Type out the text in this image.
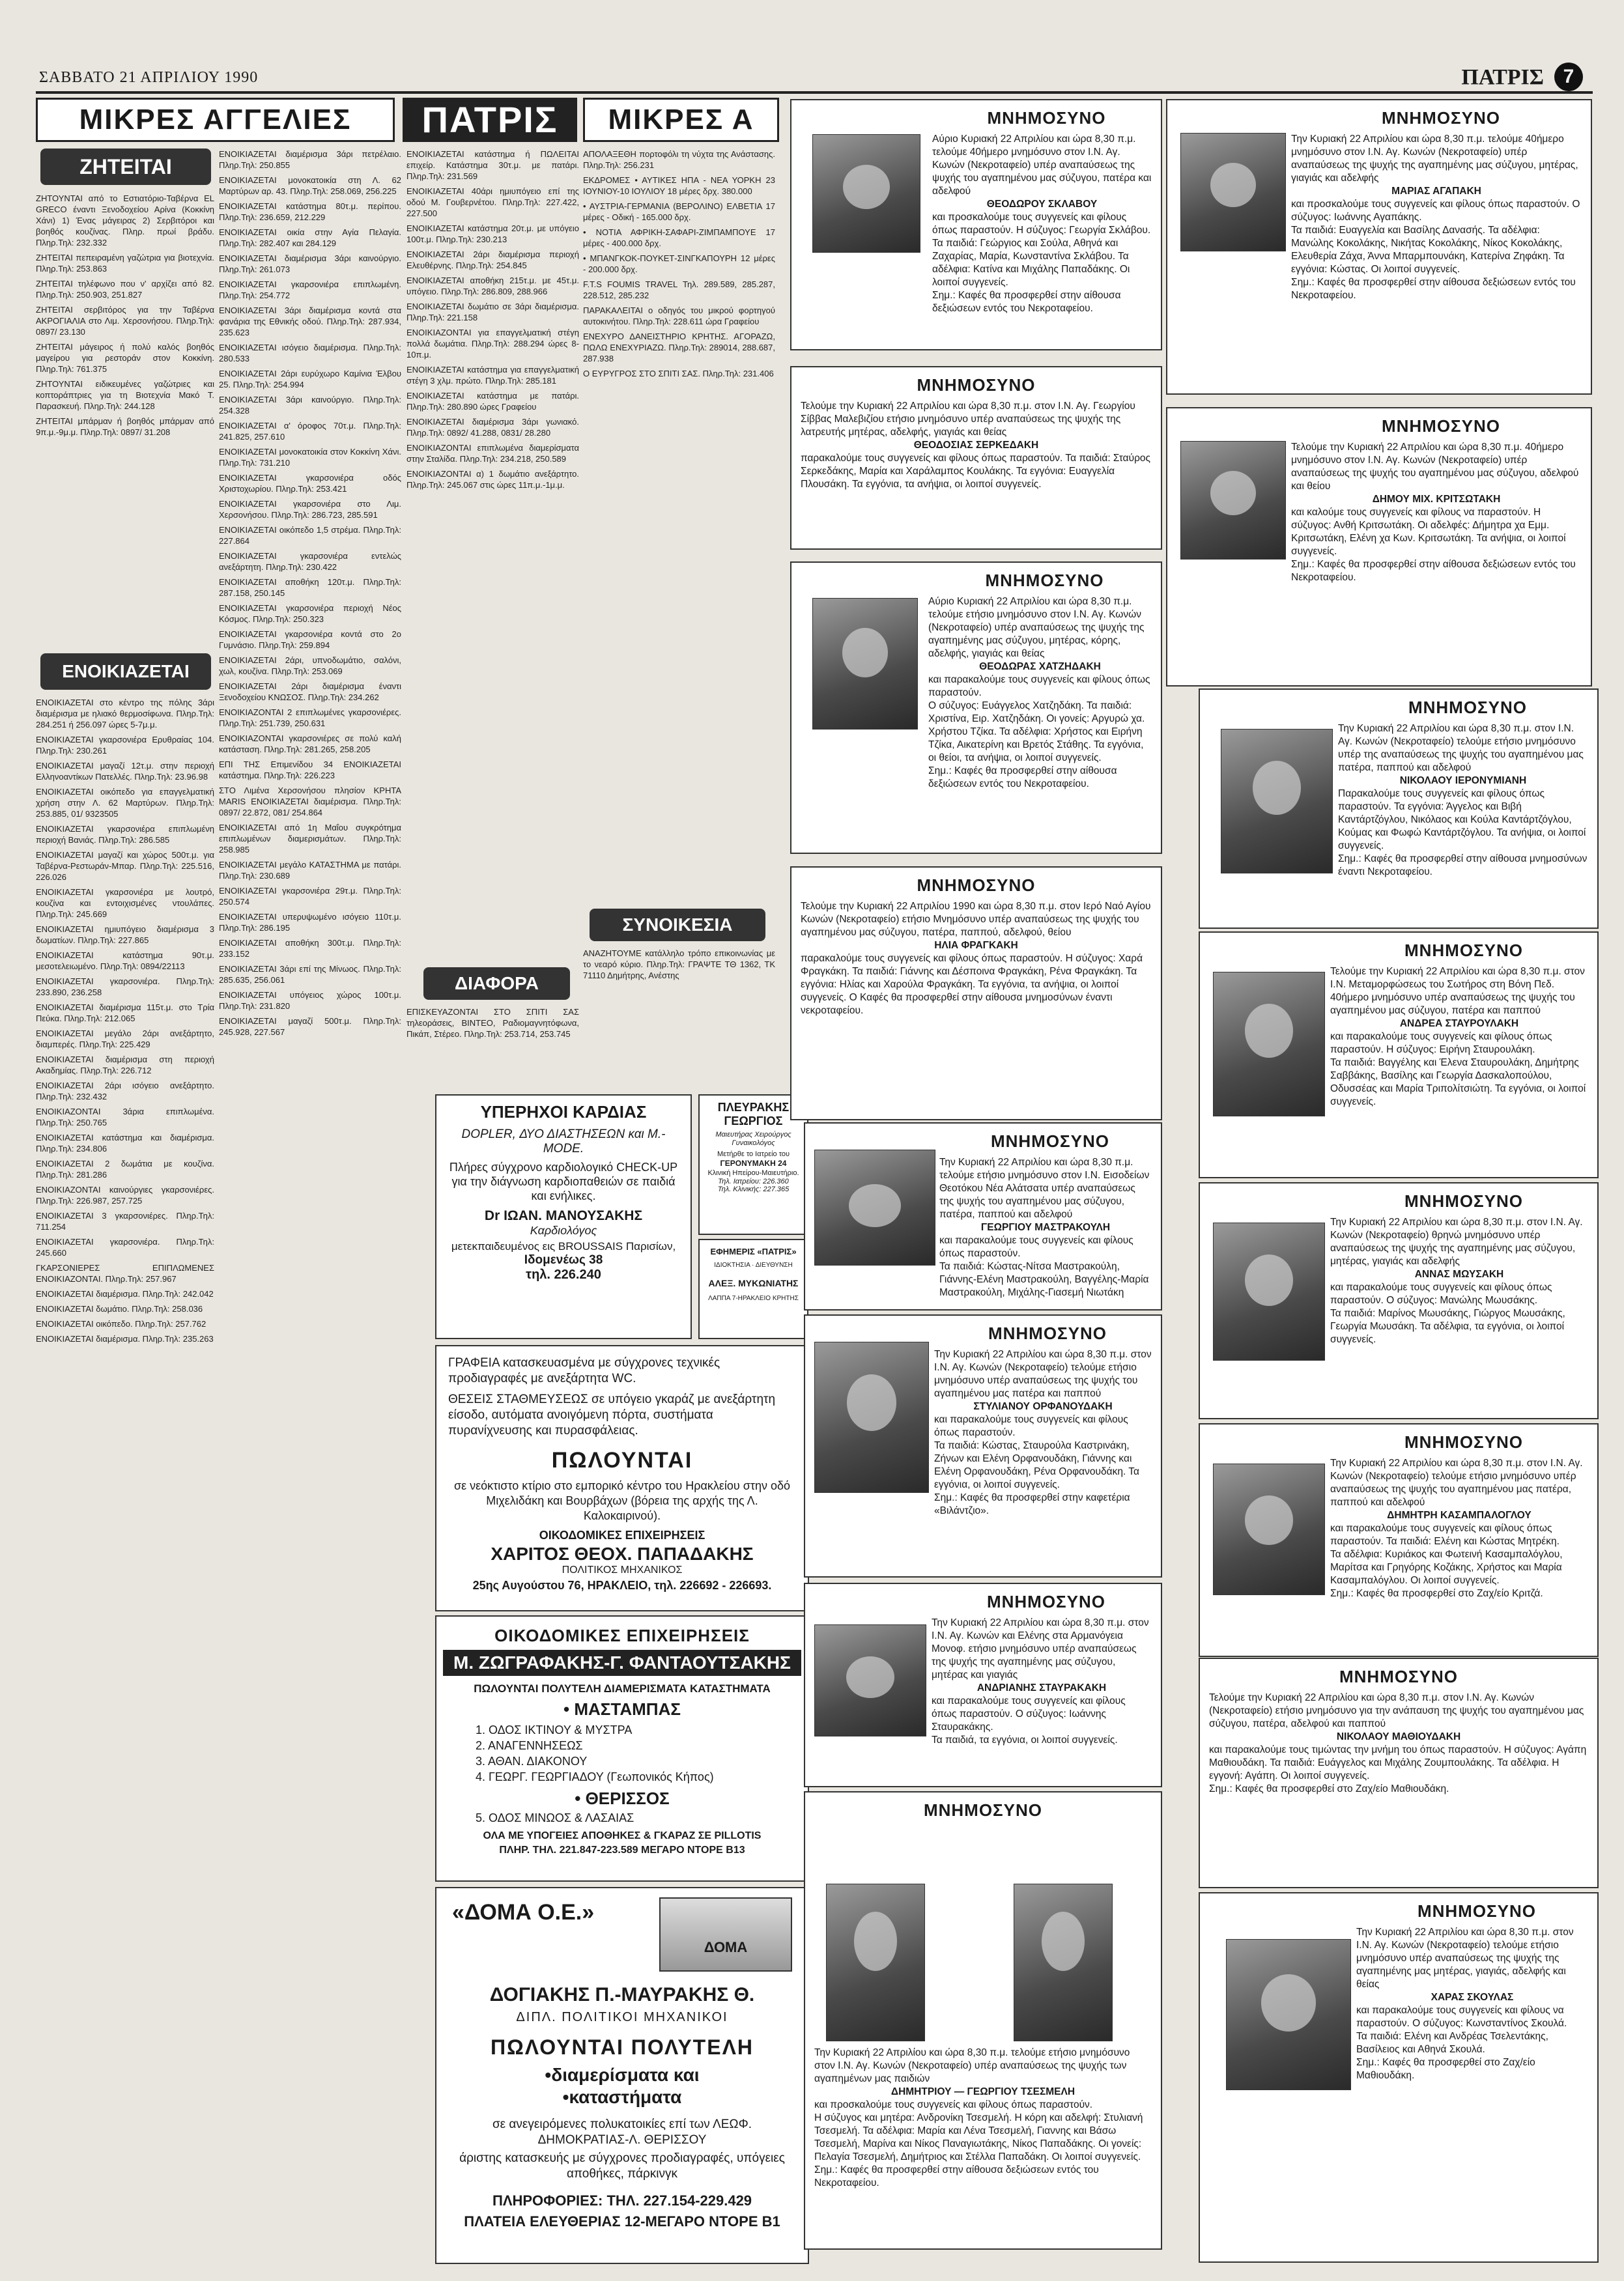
ΣΑΒΒΑΤΟ 21 ΑΠΡΙΛΙΟΥ 1990	ΠΑΤΡΙΣ 7
ΜΙΚΡΕΣ ΑΓΓΕΛΙΕΣ	ΠΑΤΡΙΣ	ΜΙΚΡΕΣ Α
ΖΗΤΕΙΤΑΙ

ΖΗΤΟΥΝΤΑΙ από το Εστιατόριο-Ταβέρνα EL GRECO έναντι Ξενοδοχείου Αρίνα (Κοκκίνη Χάνι) 1) Ένας μάγειρας 2) Σερβιτόροι και βοηθός κουζίνας. Πληρ. πρωί βράδυ. Πληρ.Τηλ: 232.332

ΖΗΤΕΙΤΑΙ πεπειραμένη γαζώτρια για βιοτεχνία. Πληρ.Τηλ: 253.863

ΖΗΤΕΙΤΑΙ τηλέφωνο που ν' αρχίζει από 82. Πληρ.Τηλ: 250.903, 251.827

ΖΗΤΕΙΤΑΙ σερβιτόρος για την Ταβέρνα ΑΚΡΟΓΙΑΛΙΑ στο Λιμ. Χερσονήσου. Πληρ.Τηλ: 0897/ 23.130

ΖΗΤΕΙΤΑΙ μάγειρος ή πολύ καλός βοηθός μαγείρου για ρεστοράν στον Κοκκίνη. Πληρ.Τηλ: 761.375

ΖΗΤΟΥΝΤΑΙ ειδικευμένες γαζώτριες και κοπτοράπτριες για τη Βιοτεχνία Μακό Τ. Παρασκευή. Πληρ.Τηλ: 244.128

ΖΗΤΕΙΤΑΙ μπάρμαν ή βοηθός μπάρμαν από 9π.μ.-9μ.μ. Πληρ.Τηλ: 0897/ 31.208

ΕΝΟΙΚΙΑΖΕΤΑΙ

ΕΝΟΙΚΙΑΖΕΤΑΙ στο κέντρο της πόλης 3άρι διαμέρισμα με ηλιακό θερμοσίφωνα. Πληρ.Τηλ: 284.251 ή 256.097 ώρες 5-7μ.μ.

ΕΝΟΙΚΙΑΖΕΤΑΙ γκαρσονιέρα Ερυθραίας 104. Πληρ.Τηλ: 230.261

ΕΝΟΙΚΙΑΖΕΤΑΙ μαγαζί 12τ.μ. στην περιοχή Ελληνοαντίκων Πατελλές. Πληρ.Τηλ: 23.96.98

ΕΝΟΙΚΙΑΖΕΤΑΙ οικόπεδο για επαγγελματική χρήση στην Λ. 62 Μαρτύρων. Πληρ.Τηλ: 253.885, 01/ 9323505

ΕΝΟΙΚΙΑΖΕΤΑΙ γκαρσονιέρα επιπλωμένη περιοχή Βανιάς. Πληρ.Τηλ: 286.585

ΕΝΟΙΚΙΑΖΕΤΑΙ μαγαζί και χώρος 500τ.μ. για Ταβέρνα-Ρεστωράν-Μπαρ. Πληρ.Τηλ: 225.516, 226.026

ΕΝΟΙΚΙΑΖΕΤΑΙ γκαρσονιέρα με λουτρό, κουζίνα και εντοιχισμένες ντουλάπες. Πληρ.Τηλ: 245.669

ΕΝΟΙΚΙΑΖΕΤΑΙ ημιυπόγειο διαμέρισμα 3 δωματίων. Πληρ.Τηλ: 227.865

ΕΝΟΙΚΙΑΖΕΤΑΙ κατάστημα 90τ.μ. μεσοτελειωμένο. Πληρ.Τηλ: 0894/22113

ΕΝΟΙΚΙΑΖΕΤΑΙ γκαρσονιέρα. Πληρ.Τηλ: 233.890, 236.258

ΕΝΟΙΚΙΑΖΕΤΑΙ διαμέρισμα 115τ.μ. στο Τρία Πεύκα. Πληρ.Τηλ: 212.065

ΕΝΟΙΚΙΑΖΕΤΑΙ μεγάλο 2άρι ανεξάρτητο, διαμπερές. Πληρ.Τηλ: 225.429

ΕΝΟΙΚΙΑΖΕΤΑΙ διαμέρισμα στη περιοχή Ακαδημίας. Πληρ.Τηλ: 226.712

ΕΝΟΙΚΙΑΖΕΤΑΙ 2άρι ισόγειο ανεξάρτητο. Πληρ.Τηλ: 232.432

ΕΝΟΙΚΙΑΖΟΝΤΑΙ 3άρια επιπλωμένα. Πληρ.Τηλ: 250.765

ΕΝΟΙΚΙΑΖΕΤΑΙ κατάστημα και διαμέρισμα. Πληρ.Τηλ: 234.806

ΕΝΟΙΚΙΑΖΕΤΑΙ 2 δωμάτια με κουζίνα. Πληρ.Τηλ: 281.286

ΕΝΟΙΚΙΑΖΟΝΤΑΙ καινούργιες γκαρσονιέρες. Πληρ.Τηλ: 226.987, 257.725

ΕΝΟΙΚΙΑΖΕΤΑΙ 3 γκαρσονιέρες. Πληρ.Τηλ: 711.254

ΕΝΟΙΚΙΑΖΕΤΑΙ γκαρσονιέρα. Πληρ.Τηλ: 245.660

ΓΚΑΡΣΟΝΙΕΡΕΣ ΕΠΙΠΛΩΜΕΝΕΣ ΕΝΟΙΚΙΑΖΟΝΤΑΙ. Πληρ.Τηλ: 257.967

ΕΝΟΙΚΙΑΖΕΤΑΙ διαμέρισμα. Πληρ.Τηλ: 242.042

ΕΝΟΙΚΙΑΖΕΤΑΙ δωμάτιο. Πληρ.Τηλ: 258.036

ΕΝΟΙΚΙΑΖΕΤΑΙ οικόπεδο. Πληρ.Τηλ: 257.762

ΕΝΟΙΚΙΑΖΕΤΑΙ διαμέρισμα. Πληρ.Τηλ: 235.263

ΕΝΟΙΚΙΑΖΕΤΑΙ διαμέρισμα 3άρι πετρέλαιο. Πληρ.Τηλ: 250.855

ΕΝΟΙΚΙΑΖΕΤΑΙ μονοκατοικία στη Λ. 62 Μαρτύρων αρ. 43. Πληρ.Τηλ: 258.069, 256.225

ΕΝΟΙΚΙΑΖΕΤΑΙ κατάστημα 80τ.μ. περίπου. Πληρ.Τηλ: 236.659, 212.229

ΕΝΟΙΚΙΑΖΕΤΑΙ οικία στην Αγία Πελαγία. Πληρ.Τηλ: 282.407 και 284.129

ΕΝΟΙΚΙΑΖΕΤΑΙ διαμέρισμα 3άρι καινούργιο. Πληρ.Τηλ: 261.073

ΕΝΟΙΚΙΑΖΕΤΑΙ γκαρσονιέρα επιπλωμένη. Πληρ.Τηλ: 254.772

ΕΝΟΙΚΙΑΖΕΤΑΙ 3άρι διαμέρισμα κοντά στα φανάρια της Εθνικής οδού. Πληρ.Τηλ: 287.934, 235.623

ΕΝΟΙΚΙΑΖΕΤΑΙ ισόγειο διαμέρισμα. Πληρ.Τηλ: 280.533

ΕΝΟΙΚΙΑΖΕΤΑΙ 2άρι ευρύχωρο Καμίνια Έλβου 25. Πληρ.Τηλ: 254.994

ΕΝΟΙΚΙΑΖΕΤΑΙ 3άρι καινούργιο. Πληρ.Τηλ: 254.328

ΕΝΟΙΚΙΑΖΕΤΑΙ α' όροφος 70τ.μ. Πληρ.Τηλ: 241.825, 257.610

ΕΝΟΙΚΙΑΖΕΤΑΙ μονοκατοικία στον Κοκκίνη Χάνι. Πληρ.Τηλ: 731.210

ΕΝΟΙΚΙΑΖΕΤΑΙ γκαρσονιέρα οδός Χριστοχωρίου. Πληρ.Τηλ: 253.421

ΕΝΟΙΚΙΑΖΕΤΑΙ γκαρσονιέρα στο Λιμ. Χερσονήσου. Πληρ.Τηλ: 286.723, 285.591

ΕΝΟΙΚΙΑΖΕΤΑΙ οικόπεδο 1,5 στρέμα. Πληρ.Τηλ: 227.864

ΕΝΟΙΚΙΑΖΕΤΑΙ γκαρσονιέρα εντελώς ανεξάρτητη. Πληρ.Τηλ: 230.422

ΕΝΟΙΚΙΑΖΕΤΑΙ αποθήκη 120τ.μ. Πληρ.Τηλ: 287.158, 250.145

ΕΝΟΙΚΙΑΖΕΤΑΙ γκαρσονιέρα περιοχή Νέος Κόσμος. Πληρ.Τηλ: 250.323

ΕΝΟΙΚΙΑΖΕΤΑΙ γκαρσονιέρα κοντά στο 2ο Γυμνάσιο. Πληρ.Τηλ: 259.894

ΕΝΟΙΚΙΑΖΕΤΑΙ 2άρι, υπνοδωμάτιο, σαλόνι, χωλ, κουζίνα. Πληρ.Τηλ: 253.069

ΕΝΟΙΚΙΑΖΕΤΑΙ 2άρι διαμέρισμα έναντι Ξενοδοχείου ΚΝΩΣΟΣ. Πληρ.Τηλ: 234.262

ΕΝΟΙΚΙΑΖΟΝΤΑΙ 2 επιπλωμένες γκαρσονιέρες. Πληρ.Τηλ: 251.739, 250.631

ΕΝΟΙΚΙΑΖΟΝΤΑΙ γκαρσονιέρες σε πολύ καλή κατάσταση. Πληρ.Τηλ: 281.265, 258.205

ΕΠΙ ΤΗΣ Επιμενίδου 34 ΕΝΟΙΚΙΑΖΕΤΑΙ κατάστημα. Πληρ.Τηλ: 226.223

ΣΤΟ Λιμένα Χερσονήσου πλησίον ΚΡΗΤΑ MARIS ΕΝΟΙΚΙΑΖΕΤΑΙ διαμέρισμα. Πληρ.Τηλ: 0897/ 22.872, 081/ 254.864

ΕΝΟΙΚΙΑΖΕΤΑΙ από 1η Μαΐου συγκρότημα επιπλωμένων διαμερισμάτων. Πληρ.Τηλ: 258.985

ΕΝΟΙΚΙΑΖΕΤΑΙ μεγάλο ΚΑΤΑΣΤΗΜΑ με πατάρι. Πληρ.Τηλ: 230.689

ΕΝΟΙΚΙΑΖΕΤΑΙ γκαρσονιέρα 29τ.μ. Πληρ.Τηλ: 250.574

ΕΝΟΙΚΙΑΖΕΤΑΙ υπερυψωμένο ισόγειο 110τ.μ. Πληρ.Τηλ: 286.195

ΕΝΟΙΚΙΑΖΕΤΑΙ αποθήκη 300τ.μ. Πληρ.Τηλ: 233.152

ΕΝΟΙΚΙΑΖΕΤΑΙ 3άρι επί της Μίνωος. Πληρ.Τηλ: 285.635, 256.061

ΕΝΟΙΚΙΑΖΕΤΑΙ υπόγειος χώρος 100τ.μ. Πληρ.Τηλ: 231.820

ΕΝΟΙΚΙΑΖΕΤΑΙ μαγαζί 500τ.μ. Πληρ.Τηλ: 245.928, 227.567

ΕΝΟΙΚΙΑΖΕΤΑΙ κατάστημα ή ΠΩΛΕΙΤΑΙ επιχείρ. Κατάστημα 30τ.μ. με πατάρι. Πληρ.Τηλ: 231.569

ΕΝΟΙΚΙΑΖΕΤΑΙ 40άρι ημιυπόγειο επί της οδού Μ. Γουβερνέτου. Πληρ.Τηλ: 227.422, 227.500

ΕΝΟΙΚΙΑΖΕΤΑΙ κατάστημα 20τ.μ. με υπόγειο 100τ.μ. Πληρ.Τηλ: 230.213

ΕΝΟΙΚΙΑΖΕΤΑΙ 2άρι διαμέρισμα περιοχή Ελευθέρνης. Πληρ.Τηλ: 254.845

ΕΝΟΙΚΙΑΖΕΤΑΙ αποθήκη 215τ.μ. με 45τ.μ. υπόγειο. Πληρ.Τηλ: 286.809, 288.966

ΕΝΟΙΚΙΑΖΕΤΑΙ δωμάτιο σε 3άρι διαμέρισμα. Πληρ.Τηλ: 221.158

ΕΝΟΙΚΙΑΖΟΝΤΑΙ για επαγγελματική στέγη πολλά δωμάτια. Πληρ.Τηλ: 288.294 ώρες 8-10π.μ.

ΕΝΟΙΚΙΑΖΕΤΑΙ κατάστημα για επαγγελματική στέγη 3 χλμ. πρώτο. Πληρ.Τηλ: 285.181

ΕΝΟΙΚΙΑΖΕΤΑΙ κατάστημα με πατάρι. Πληρ.Τηλ: 280.890 ώρες Γραφείου

ΕΝΟΙΚΙΑΖΕΤΑΙ διαμέρισμα 3άρι γωνιακό. Πληρ.Τηλ: 0892/ 41.288, 0831/ 28.280

ΕΝΟΙΚΙΑΖΟΝΤΑΙ επιπλωμένα διαμερίσματα στην Σταλίδα. Πληρ.Τηλ: 234.218, 250.589

ΕΝΟΙΚΙΑΖΟΝΤΑΙ α) 1 δωμάτιο ανεξάρτητο. Πληρ.Τηλ: 245.067 στις ώρες 11π.μ.-1μ.μ.

ΔΙΑΦΟΡΑ

ΕΠΙΣΚΕΥΑΖΟΝΤΑΙ ΣΤΟ ΣΠΙΤΙ ΣΑΣ τηλεοράσεις, ΒΙΝΤΕΟ, Ραδιομαγνητόφωνα, Πικάπ, Στέρεο. Πληρ.Τηλ: 253.714, 253.745

ΑΠΟΛΑΞΕΘΗ πορτοφόλι τη νύχτα της Ανάστασης. Πληρ.Τηλ: 256.231

ΕΚΔΡΟΜΕΣ • ΑΥΤΙΚΕΣ ΗΠΑ - ΝΕΑ ΥΟΡΚΗ 23 ΙΟΥΝΙΟΥ-10 ΙΟΥΛΙΟΥ 18 μέρες δρχ. 380.000

• ΑΥΣΤΡΙΑ-ΓΕΡΜΑΝΙΑ (ΒΕΡΟΛΙΝΟ) ΕΛΒΕΤΙΑ 17 μέρες - Οδική - 165.000 δρχ.

• ΝΟΤΙΑ ΑΦΡΙΚΗ-ΣΑΦΑΡΙ-ΖΙΜΠΑΜΠΟΥΕ 17 μέρες - 400.000 δρχ.

• ΜΠΑΝΓΚΟΚ-ΠΟΥΚΕΤ-ΣΙΝΓΚΑΠΟΥΡΗ 12 μέρες - 200.000 δρχ.

F.T.S FOUMIS TRAVEL Τηλ. 289.589, 285.287, 228.512, 285.232

ΠΑΡΑΚΑΛΕΙΤΑΙ ο οδηγός του μικρού φορτηγού αυτοκινήτου. Πληρ.Τηλ: 228.611 ώρα Γραφείου

ΕΝΕΧΥΡΟ ΔΑΝΕΙΣΤΗΡΙΟ ΚΡΗΤΗΣ. ΑΓΟΡΑΖΩ, ΠΩΛΩ ΕΝΕΧΥΡΙΑΖΩ. Πληρ.Τηλ: 289014, 288.687, 287.938

Ο ΕΥΡΥΓΡΟΣ ΣΤΟ ΣΠΙΤΙ ΣΑΣ. Πληρ.Τηλ: 231.406

ΣΥΝΟΙΚΕΣΙΑ

ΑΝΑΖΗΤΟΥΜΕ κατάλληλο τρόπο επικοινωνίας με το νεαρό κύριο. Πληρ.Τηλ: ΓΡΑΨΤΕ ΤΘ 1362, ΤΚ 71110 Δημήτρης, Ανέστης

ΥΠΕΡΗΧΟΙ ΚΑΡΔΙΑΣ
DOPLER, ΔΥΟ ΔΙΑΣΤΗΣΕΩΝ και M.-MODE.
Πλήρες σύγχρονο καρδιολογικό CHECK-UP για την διάγνωση καρδιοπαθειών σε παιδιά και ενήλικες.
Dr ΙΩΑΝ. ΜΑΝΟΥΣΑΚΗΣ
Καρδιολόγος
μετεκπαιδευμένος εις BROUSSAIS Παρισίων,
Ιδομενέως 38
τηλ. 226.240
ΠΛΕΥΡΑΚΗΣ ΓΕΩΡΓΙΟΣ
Μαιευτήρας Χειρούργος Γυναικολόγος
Μετήρθε το Ιατρείο του
ΓΕΡΟΝΥΜΑΚΗ 24
Κλινική Ηπείρου-Μαιευτήριο.
Τηλ. Ιατρείου: 226.360
Τηλ. Κλινικής: 227.365
ΕΦΗΜΕΡΙΣ «ΠΑΤΡΙΣ»
ΙΔΙΟΚΤΗΣΙΑ · ΔΙΕΥΘΥΝΣΗ
ΑΛΕΞ. ΜΥΚΩΝΙΑΤΗΣ
ΛΑΠΠΑ 7-ΗΡΑΚΛΕΙΟ ΚΡΗΤΗΣ
ΓΡΑΦΕΙΑ κατασκευασμένα με σύγχρονες τεχνικές προδιαγραφές με ανεξάρτητα WC.
ΘΕΣΕΙΣ ΣΤΑΘΜΕΥΣΕΩΣ σε υπόγειο γκαράζ με ανεξάρτητη είσοδο, αυτόματα ανοιγόμενη πόρτα, συστήματα πυρανίχνευσης και πυρασφάλειας.
ΠΩΛΟΥΝΤΑΙ
σε νεόκτιστο κτίριο στο εμπορικό κέντρο του Ηρακλείου στην οδό Μιχελιδάκη και Βουρβάχων (βόρεια της αρχής της Λ. Καλοκαιρινού).
ΟΙΚΟΔΟΜΙΚΕΣ ΕΠΙΧΕΙΡΗΣΕΙΣ
ΧΑΡΙΤΟΣ ΘΕΟΧ. ΠΑΠΑΔΑΚΗΣ
ΠΟΛΙΤΙΚΟΣ ΜΗΧΑΝΙΚΟΣ
25ης Αυγούστου 76, ΗΡΑΚΛΕΙΟ, τηλ. 226692 - 226693.
ΟΙΚΟΔΟΜΙΚΕΣ ΕΠΙΧΕΙΡΗΣΕΙΣ
Μ. ΖΩΓΡΑΦΑΚΗΣ-Γ. ΦΑΝΤΑΟΥΤΣΑΚΗΣ
ΠΩΛΟΥΝΤΑΙ ΠΟΛΥΤΕΛΗ ΔΙΑΜΕΡΙΣΜΑΤΑ ΚΑΤΑΣΤΗΜΑΤΑ
• ΜΑΣΤΑΜΠΑΣ
1. ΟΔΟΣ ΙΚΤΙΝΟΥ & ΜΥΣΤΡΑ
2. ΑΝΑΓΕΝΝΗΣΕΩΣ
3. ΑΘΑΝ. ΔΙΑΚΟΝΟΥ
4. ΓΕΩΡΓ. ΓΕΩΡΓΙΑΔΟΥ (Γεωπονικός Κήπος)
• ΘΕΡΙΣΣΟΣ
5. ΟΔΟΣ ΜΙΝΩΟΣ & ΛΑΣΑΙΑΣ
ΟΛΑ ΜΕ ΥΠΟΓΕΙΕΣ ΑΠΟΘΗΚΕΣ & ΓΚΑΡΑΖ ΣΕ PILLOTIS
ΠΛΗΡ. ΤΗΛ. 221.847-223.589 ΜΕΓΑΡΟ ΝΤΟΡΕ Β13
«ΔΟΜΑ Ο.Ε.»
ΔΟΜΑ
ΔΟΓΙΑΚΗΣ Π.-ΜΑΥΡΑΚΗΣ Θ.
ΔΙΠΛ. ΠΟΛΙΤΙΚΟΙ ΜΗΧΑΝΙΚΟΙ
ΠΩΛΟΥΝΤΑΙ ΠΟΛΥΤΕΛΗ
•διαμερίσματα και
•καταστήματα
σε ανεγειρόμενες πολυκατοικίες επί των ΛΕΩΦ. ΔΗΜΟΚΡΑΤΙΑΣ-Λ. ΘΕΡΙΣΣΟΥ
άριστης κατασκευής με σύγχρονες προδιαγραφές, υπόγειες αποθήκες, πάρκινγκ
ΠΛΗΡΟΦΟΡΙΕΣ: ΤΗΛ. 227.154-229.429
ΠΛΑΤΕΙΑ ΕΛΕΥΘΕΡΙΑΣ 12-ΜΕΓΑΡΟ ΝΤΟΡΕ Β1
ΜΝΗΜΟΣΥΝΟ

Αύριο Κυριακή 22 Απριλίου και ώρα 8,30 π.μ. τελούμε 40ήμερο μνημόσυνο στον Ι.Ν. Αγ. Κωνών (Νεκροταφείο) υπέρ αναπαύσεως της ψυχής του αγαπημένου μας σύζυγου, πατέρα και αδελφού

ΘΕΟΔΩΡΟΥ ΣΚΛΑΒΟΥ

και προσκαλούμε τους συγγενείς και φίλους όπως παραστούν. Η σύζυγος: Γεωργία Σκλάβου.

Τα παιδιά: Γεώργιος και Σούλα, Αθηνά και Ζαχαρίας, Μαρία, Κωνσταντίνα Σκλάβου. Τα αδέλφια: Κατίνα και Μιχάλης Παπαδάκης. Οι λοιποί συγγενείς.

Σημ.: Καφές θα προσφερθεί στην αίθουσα δεξιώσεων εντός του Νεκροταφείου.

ΜΝΗΜΟΣΥΝΟ

Τελούμε την Κυριακή 22 Απριλίου και ώρα 8,30 π.μ. στον Ι.Ν. Αγ. Γεωργίου Σίββας Μαλεβιζίου ετήσιο μνημόσυνο υπέρ αναπαύσεως της ψυχής της λατρευτής μητέρας, αδελφής, γιαγιάς και θείας

ΘΕΟΔΟΣΙΑΣ ΣΕΡΚΕΔΑΚΗ

παρακαλούμε τους συγγενείς και φίλους όπως παραστούν. Τα παιδιά: Σταύρος Σερκεδάκης, Μαρία και Χαράλαμπος Κουλάκης. Τα εγγόνια: Ευαγγελία Πλουσάκη. Τα εγγόνια, τα ανήψια, οι λοιποί συγγενείς.

ΜΝΗΜΟΣΥΝΟ

Αύριο Κυριακή 22 Απριλίου και ώρα 8,30 π.μ. τελούμε ετήσιο μνημόσυνο στον Ι.Ν. Αγ. Κωνών (Νεκροταφείο) υπέρ αναπαύσεως της ψυχής της αγαπημένης μας σύζυγου, μητέρας, κόρης, αδελφής, γιαγιάς και θείας

ΘΕΟΔΩΡΑΣ ΧΑΤΖΗΔΑΚΗ

και παρακαλούμε τους συγγενείς και φίλους όπως παραστούν.

Ο σύζυγος: Ευάγγελος Χατζηδάκη. Τα παιδιά: Χριστίνα, Ειρ. Χατζηδάκη. Οι γονείς: Αργυρώ χα. Χρήστου Τζίκα. Τα αδέλφια: Χρήστος και Ειρήνη Τζίκα, Αικατερίνη και Βρετός Στάθης. Τα εγγόνια, οι θείοι, τα ανήψια, οι λοιποί συγγενείς.

Σημ.: Καφές θα προσφερθεί στην αίθουσα δεξιώσεων εντός του Νεκροταφείου.

ΜΝΗΜΟΣΥΝΟ

Τελούμε την Κυριακή 22 Απριλίου 1990 και ώρα 8,30 π.μ. στον Ιερό Ναό Αγίου Κωνών (Νεκροταφείο) ετήσιο Μνημόσυνο υπέρ αναπαύσεως της ψυχής του αγαπημένου μας σύζυγου, πατέρα, παππού, αδελφού, θείου

ΗΛΙΑ ΦΡΑΓΚΑΚΗ

παρακαλούμε τους συγγενείς και φίλους όπως παραστούν. Η σύζυγος: Χαρά Φραγκάκη. Τα παιδιά: Γιάννης και Δέσποινα Φραγκάκη, Ρένα Φραγκάκη. Τα εγγόνια: Ηλίας και Χαρούλα Φραγκάκη. Τα εγγόνια, τα ανήψια, οι λοιποί συγγενείς. Ο Καφές θα προσφερθεί στην αίθουσα μνημοσύνων έναντι νεκροταφείου.

ΜΝΗΜΟΣΥΝΟ

Την Κυριακή 22 Απριλίου και ώρα 8,30 π.μ. τελούμε ετήσιο μνημόσυνο στον Ι.Ν. Εισοδείων Θεοτόκου Νέα Αλάτσατα υπέρ αναπαύσεως της ψυχής του αγαπημένου μας σύζυγου, πατέρα, παππού και αδελφού

ΓΕΩΡΓΙΟΥ ΜΑΣΤΡΑΚΟΥΛΗ

και παρακαλούμε τους συγγενείς και φίλους όπως παραστούν.

Τα παιδιά: Κώστας-Νίτσα Μαστρακούλη, Γιάννης-Ελένη Μαστρακούλη, Βαγγέλης-Μαρία Μαστρακούλη, Μιχάλης-Γιασεμή Νιωτάκη

ΜΝΗΜΟΣΥΝΟ

Την Κυριακή 22 Απριλίου και ώρα 8,30 π.μ. στον Ι.Ν. Αγ. Κωνών (Νεκροταφείο) τελούμε ετήσιο μνημόσυνο υπέρ αναπαύσεως της ψυχής του αγαπημένου μας πατέρα και παππού

ΣΤΥΛΙΑΝΟΥ ΟΡΦΑΝΟΥΔΑΚΗ

και παρακαλούμε τους συγγενείς και φίλους όπως παραστούν.

Τα παιδιά: Κώστας, Σταυρούλα Καστρινάκη, Ζήνων και Ελένη Ορφανουδάκη, Γιάννης και Ελένη Ορφανουδάκη, Ρένα Ορφανουδάκη. Τα εγγόνια, οι λοιποί συγγενείς.

Σημ.: Καφές θα προσφερθεί στην καφετέρια «Βιλάντζιο».

ΜΝΗΜΟΣΥΝΟ

Την Κυριακή 22 Απριλίου και ώρα 8,30 π.μ. στον Ι.Ν. Αγ. Κωνών και Ελένης στα Αρμανόγεια Μονοφ. ετήσιο μνημόσυνο υπέρ αναπαύσεως της ψυχής της αγαπημένης μας σύζυγου, μητέρας και γιαγιάς

ΑΝΔΡΙΑΝΗΣ ΣΤΑΥΡΑΚΑΚΗ

και παρακαλούμε τους συγγενείς και φίλους όπως παραστούν. Ο σύζυγος: Ιωάννης Σταυρακάκης.

Τα παιδιά, τα εγγόνια, οι λοιποί συγγενείς.

ΜΝΗΜΟΣΥΝΟ

Την Κυριακή 22 Απριλίου και ώρα 8,30 π.μ. τελούμε ετήσιο μνημόσυνο στον Ι.Ν. Αγ. Κωνών (Νεκροταφείο) υπέρ αναπαύσεως της ψυχής των αγαπημένων μας παιδιών

ΔΗΜΗΤΡΙΟΥ — ΓΕΩΡΓΙΟΥ ΤΣΕΣΜΕΛΗ

και προσκαλούμε τους συγγενείς και φίλους όπως παραστούν.

Η σύζυγος και μητέρα: Ανδρονίκη Τσεσμελή. Η κόρη και αδελφή: Στυλιανή Τσεσμελή. Τα αδέλφια: Μαρία και Λένα Τσεσμελή, Γιαννης και Βάσω Τσεσμελή, Μαρίνα και Νίκος Παναγιωτάκης, Νίκος Παπαδάκης. Οι γονείς: Πελαγία Τσεσμελή, Δημήτριος και Στέλλα Παπαδάκη. Οι λοιποί συγγενείς.

Σημ.: Καφές θα προσφερθεί στην αίθουσα δεξιώσεων εντός του Νεκροταφείου.

ΜΝΗΜΟΣΥΝΟ

Την Κυριακή 22 Απριλίου και ώρα 8,30 π.μ. τελούμε 40ήμερο μνημόσυνο στον Ι.Ν. Αγ. Κωνών (Νεκροταφείο) υπέρ αναπαύσεως της ψυχής της αγαπημένης μας σύζυγου, μητέρας, γιαγιάς και αδελφής

ΜΑΡΙΑΣ ΑΓΑΠΑΚΗ

και προσκαλούμε τους συγγενείς και φίλους όπως παραστούν. Ο σύζυγος: Ιωάννης Αγαπάκης.

Τα παιδιά: Ευαγγελία και Βασίλης Δανασής. Τα αδέλφια: Μανώλης Κοκολάκης, Νικήτας Κοκολάκης, Νίκος Κοκολάκης, Ελευθερία Ζάχα, Άννα Μπαρμπουνάκη, Κατερίνα Ζηφάκη. Τα εγγόνια: Κώστας. Οι λοιποί συγγενείς.

Σημ.: Καφές θα προσφερθεί στην αίθουσα δεξιώσεων εντός του Νεκροταφείου.

ΜΝΗΜΟΣΥΝΟ

Τελούμε την Κυριακή 22 Απριλίου και ώρα 8,30 π.μ. 40ήμερο μνημόσυνο στον Ι.Ν. Αγ. Κωνών (Νεκροταφείο) υπέρ αναπαύσεως της ψυχής του αγαπημένου μας σύζυγου, αδελφού και θείου

ΔΗΜΟΥ ΜΙΧ. ΚΡΙΤΣΩΤΑΚΗ

και καλούμε τους συγγενείς και φίλους να παραστούν. Η σύζυγος: Ανθή Κριτσωτάκη. Οι αδελφές: Δήμητρα χα Εμμ. Κριτσωτάκη, Ελένη χα Κων. Κριτσωτάκη. Τα ανήψια, οι λοιποί συγγενείς.

Σημ.: Καφές θα προσφερθεί στην αίθουσα δεξιώσεων εντός του Νεκροταφείου.

ΜΝΗΜΟΣΥΝΟ

Την Κυριακή 22 Απριλίου και ώρα 8,30 π.μ. στον Ι.Ν. Αγ. Κωνών (Νεκροταφείο) τελούμε ετήσιο μνημόσυνο υπέρ της αναπαύσεως της ψυχής του αγαπημένου μας πατέρα, παππού και αδελφού

ΝΙΚΟΛΑΟΥ ΙΕΡΟΝΥΜΙΑΝΗ

Παρακαλούμε τους συγγενείς και φίλους όπως παραστούν. Τα εγγόνια: Άγγελος και Βιβή Καντάρτζόγλου, Νικόλαος και Κούλα Καντάρτζόγλου, Κούμας και Φωφώ Καντάρτζόγλου. Τα ανήψια, οι λοιποί συγγενείς.

Σημ.: Καφές θα προσφερθεί στην αίθουσα μνημοσύνων έναντι Νεκροταφείου.

ΜΝΗΜΟΣΥΝΟ

Τελούμε την Κυριακή 22 Απριλίου και ώρα 8,30 π.μ. στον Ι.Ν. Μεταμορφώσεως του Σωτήρος στη Βόνη Πεδ. 40ήμερο μνημόσυνο υπέρ αναπαύσεως της ψυχής του αγαπημένου μας σύζυγου, πατέρα και παππού

ΑΝΔΡΕΑ ΣΤΑΥΡΟΥΛΑΚΗ

και παρακαλούμε τους συγγενείς και φίλους όπως παραστούν. Η σύζυγος: Ειρήνη Σταυρουλάκη.

Τα παιδιά: Βαγγέλης και Έλενα Σταυρουλάκη, Δημήτρης Σαββάκης, Βασίλης και Γεωργία Δασκαλοπούλου, Οδυσσέας και Μαρία Τριπολίτσιώτη. Τα εγγόνια, οι λοιποί συγγενείς.

ΜΝΗΜΟΣΥΝΟ

Την Κυριακή 22 Απριλίου και ώρα 8,30 π.μ. στον Ι.Ν. Αγ. Κωνών (Νεκροταφείο) θρηνώ μνημόσυνο υπέρ αναπαύσεως της ψυχής της αγαπημένης μας σύζυγου, μητέρας, γιαγιάς και αδελφής

ΑΝΝΑΣ ΜΩΥΣΑΚΗ

και παρακαλούμε τους συγγενείς και φίλους όπως παραστούν. Ο σύζυγος: Μανώλης Μωυσάκης.

Τα παιδιά: Μαρίνος Μωυσάκης, Γιώργος Μωυσάκης, Γεωργία Μωυσάκη. Τα αδέλφια, τα εγγόνια, οι λοιποί συγγενείς.

ΜΝΗΜΟΣΥΝΟ

Την Κυριακή 22 Απριλίου και ώρα 8,30 π.μ. στον Ι.Ν. Αγ. Κωνών (Νεκροταφείο) τελούμε ετήσιο μνημόσυνο υπέρ αναπαύσεως της ψυχής του αγαπημένου μας πατέρα, παππού και αδελφού

ΔΗΜΗΤΡΗ ΚΑΣΑΜΠΑΛΟΓΛΟΥ

και παρακαλούμε τους συγγενείς και φίλους όπως παραστούν. Τα παιδιά: Ελένη και Κώστας Μητρέκη.

Τα αδέλφια: Κυριάκος και Φωτεινή Κασαμπαλόγλου, Μαρίτσα και Γρηγόρης Κοζάκης, Χρήστος και Μαρία Κασαμπαλόγλου. Οι λοιποί συγγενείς.

Σημ.: Καφές θα προσφερθεί στο Ζαχ/είο Κριτζά.

ΜΝΗΜΟΣΥΝΟ

Τελούμε την Κυριακή 22 Απριλίου και ώρα 8,30 π.μ. στον Ι.Ν. Αγ. Κωνών (Νεκροταφείο) ετήσιο μνημόσυνο για την ανάπαυση της ψυχής του αγαπημένου μας σύζυγου, πατέρα, αδελφού και παππού

ΝΙΚΟΛΑΟΥ ΜΑΘΙΟΥΔΑΚΗ

και παρακαλούμε τους τιμώντας την μνήμη του όπως παραστούν. Η σύζυγος: Αγάπη Μαθιουδάκη. Τα παιδιά: Ευάγγελος και Μιχάλης Ζουμπουλάκης. Τα αδέλφια. Η εγγονή: Αγάπη. Οι λοιποί συγγενείς.

Σημ.: Καφές θα προσφερθεί στο Ζαχ/είο Μαθιουδάκη.

ΜΝΗΜΟΣΥΝΟ

Την Κυριακή 22 Απριλίου και ώρα 8,30 π.μ. στον Ι.Ν. Αγ. Κωνών (Νεκροταφείο) τελούμε ετήσιο μνημόσυνο υπέρ αναπαύσεως της ψυχής της αγαπημένης μας μητέρας, γιαγιάς, αδελφής και θείας

ΧΑΡΑΣ ΣΚΟΥΛΑΣ

και παρακαλούμε τους συγγενείς και φίλους να παραστούν. Ο σύζυγος: Κωνσταντίνος Σκουλά.

Τα παιδιά: Ελένη και Ανδρέας Τσελεντάκης, Βασίλειος και Αθηνά Σκουλά.

Σημ.: Καφές θα προσφερθεί στο Ζαχ/είο Μαθιουδάκη.
